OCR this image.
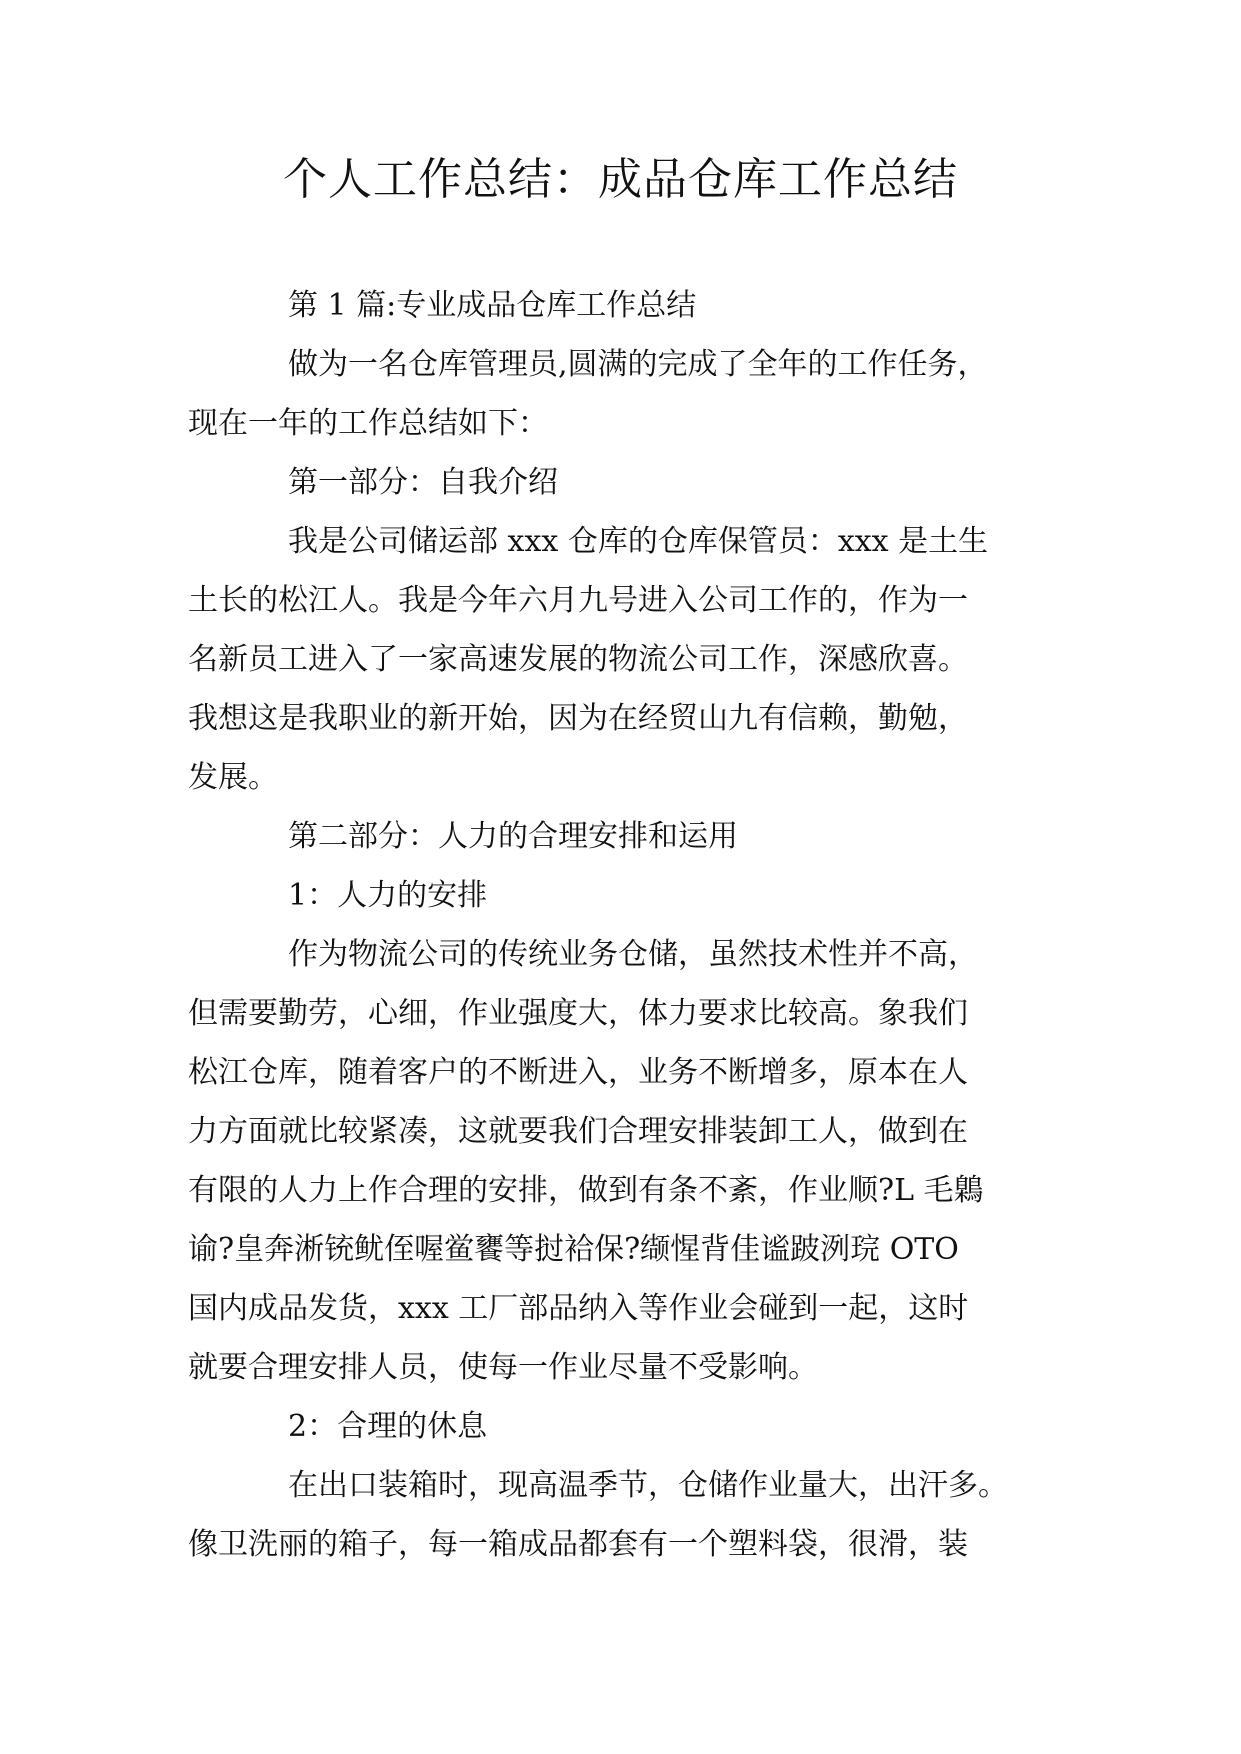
个人工作总结：成品仓库工作总结

第 1 篇:专业成品仓库工作总结

做为一名仓库管理员,圆满的完成了全年的工作任务，

现在一年的工作总结如下：

第一部分：自我介绍

我是公司储运部 xxx 仓库的仓库保管员：xxx 是土生

土长的松江人。我是今年六月九号进入公司工作的，作为一

名新员工进入了一家高速发展的物流公司工作，深感欣喜。

我想这是我职业的新开始，因为在经贸山九有信赖，勤勉，

发展。

第二部分：人力的合理安排和运用

1：人力的安排

作为物流公司的传统业务仓储，虽然技术性并不高，

但需要勤劳，心细，作业强度大，体力要求比较高。象我们

松江仓库，随着客户的不断进入，业务不断增多，原本在人

力方面就比较紧凑，这就要我们合理安排装卸工人，做到在

有限的人力上作合理的安排，做到有条不紊，作业顺?L 毛鷍

谕?皇奔淅铳鱿侄喔鲎饔等挝袷保?缬惺背佳谧跛洌琓 OTO

国内成品发货，xxx 工厂部品纳入等作业会碰到一起，这时

就要合理安排人员，使每一作业尽量不受影响。

2：合理的休息

在出口装箱时，现高温季节，仓储作业量大，出汗多。

像卫洗丽的箱子，每一箱成品都套有一个塑料袋，很滑，装
